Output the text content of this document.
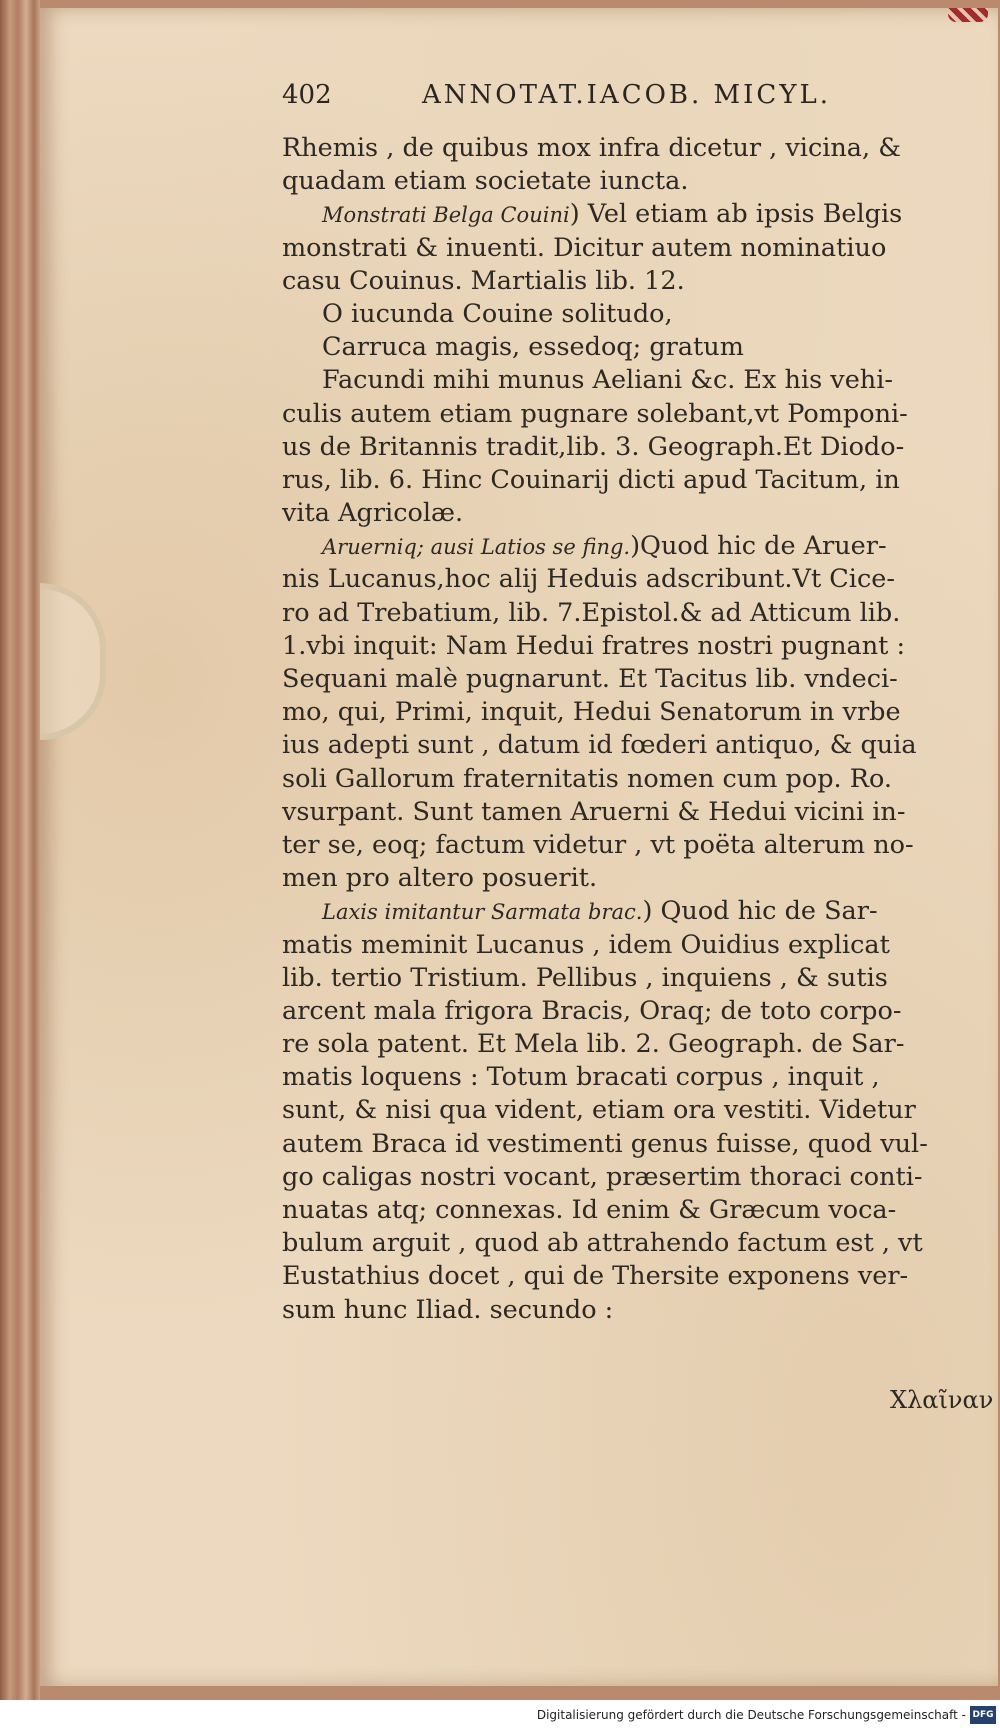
402	ANNOTAT.IACOB. MICYL.
Rhemis , de quibus mox infra dicetur , vicina, &
quadam etiam societate iuncta.
Monstrati Belga Couini) Vel etiam ab ipsis Belgis
monstrati & inuenti. Dicitur autem nominatiuo
casu Couinus. Martialis lib. 12.
O iucunda Couine solitudo,
Carruca magis, essedoq; gratum
Facundi mihi munus Aeliani &c. Ex his vehi-
culis autem etiam pugnare solebant,vt Pomponi-
us de Britannis tradit,lib. 3. Geograph.Et Diodo-
rus, lib. 6. Hinc Couinarij dicti apud Tacitum, in
vita Agricolæ.
Aruerniq; ausi Latios se fing.)Quod hic de Aruer-
nis Lucanus,hoc alij Heduis adscribunt.Vt Cice-
ro ad Trebatium, lib. 7.Epistol.& ad Atticum lib.
1.vbi inquit: Nam Hedui fratres nostri pugnant :
Sequani malè pugnarunt. Et Tacitus lib. vndeci-
mo, qui, Primi, inquit, Hedui Senatorum in vrbe
ius adepti sunt , datum id fœderi antiquo, & quia
soli Gallorum fraternitatis nomen cum pop. Ro.
vsurpant. Sunt tamen Aruerni & Hedui vicini in-
ter se, eoq; factum videtur , vt poëta alterum no-
men pro altero posuerit.
Laxis imitantur Sarmata brac.) Quod hic de Sar-
matis meminit Lucanus , idem Ouidius explicat
lib. tertio Tristium. Pellibus , inquiens , & sutis
arcent mala frigora Bracis, Oraq; de toto corpo-
re sola patent. Et Mela lib. 2. Geograph. de Sar-
matis loquens : Totum bracati corpus , inquit ,
sunt, & nisi qua vident, etiam ora vestiti. Videtur
autem Braca id vestimenti genus fuisse, quod vul-
go caligas nostri vocant, præsertim thoraci conti-
nuatas atq; connexas. Id enim & Græcum voca-
bulum arguit , quod ab attrahendo factum est , vt
Eustathius docet , qui de Thersite exponens ver-
sum hunc Iliad. secundo :
Χλαῖναν
Digitalisierung gefördert durch die Deutsche Forschungsgemeinschaft - DFG
